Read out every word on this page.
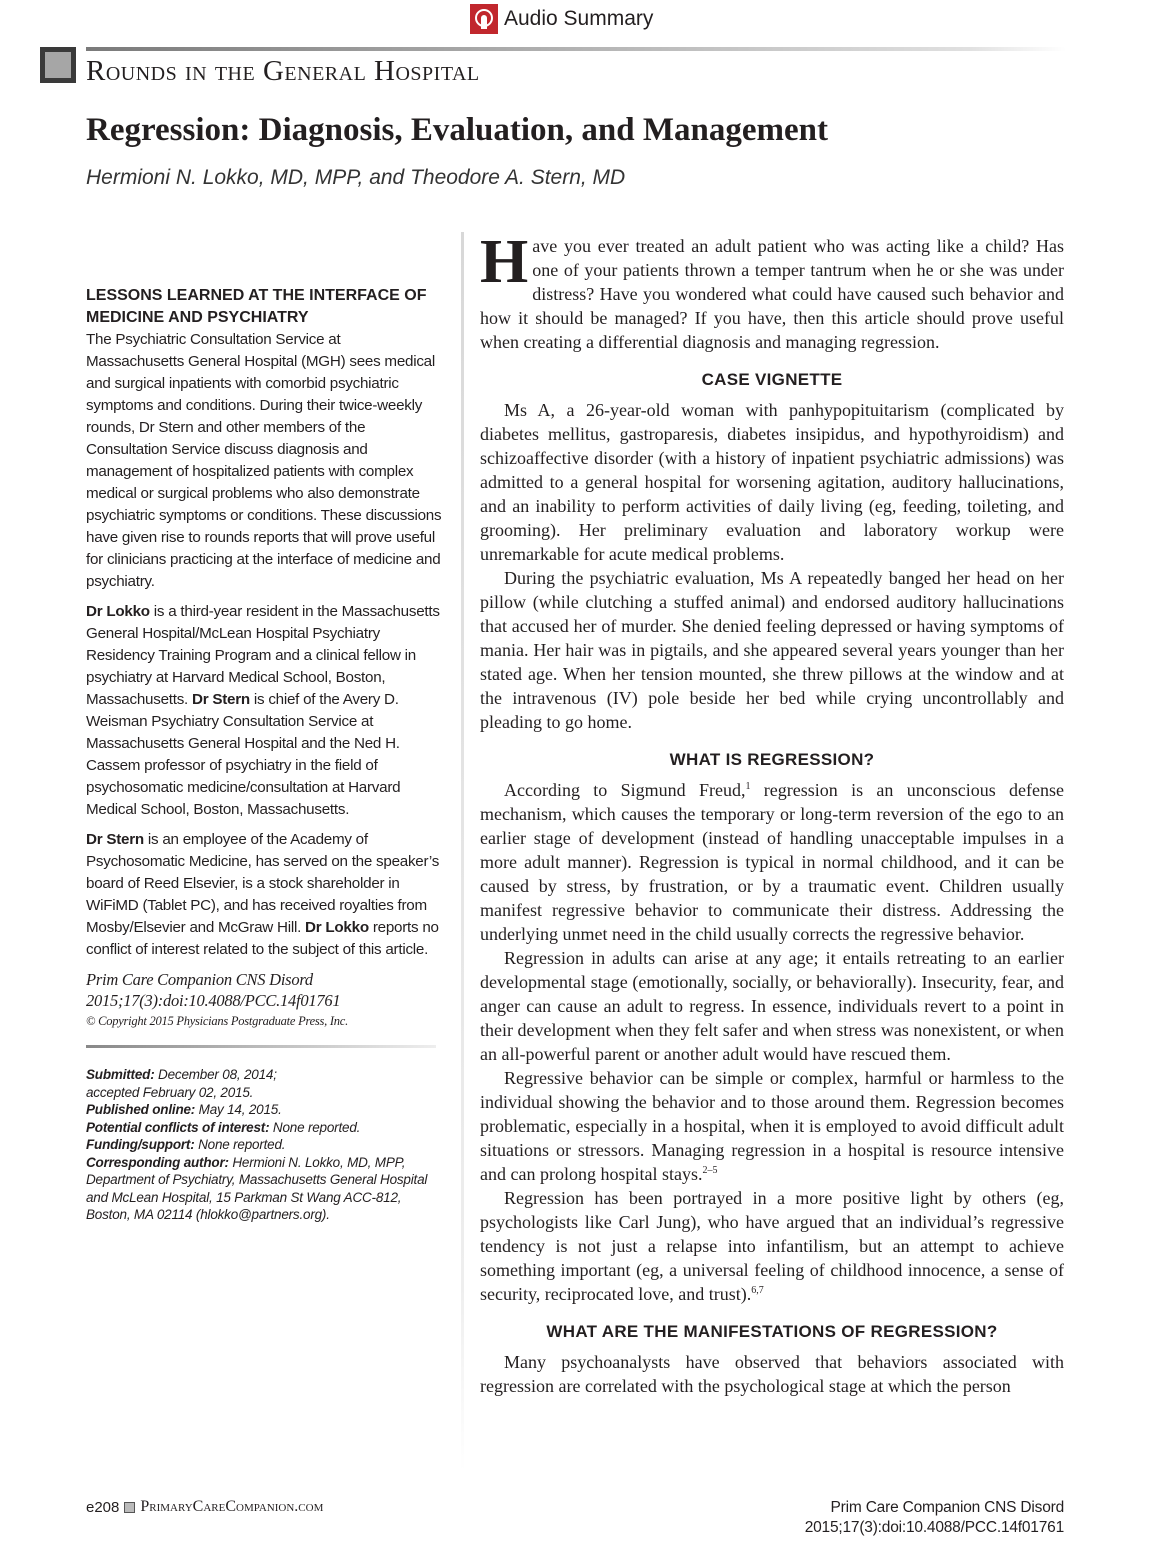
Audio Summary
Rounds in the General Hospital
Regression: Diagnosis, Evaluation, and Management
Hermioni N. Lokko, MD, MPP, and Theodore A. Stern, MD
LESSONS LEARNED AT THE INTERFACE OF MEDICINE AND PSYCHIATRY

The Psychiatric Consultation Service at Massachusetts General Hospital (MGH) sees medical and surgical inpatients with comorbid psychiatric symptoms and conditions. During their twice-weekly rounds, Dr Stern and other members of the Consultation Service discuss diagnosis and management of hospitalized patients with complex medical or surgical problems who also demonstrate psychiatric symptoms or conditions. These discussions have given rise to rounds reports that will prove useful for clinicians practicing at the interface of medicine and psychiatry.

Dr Lokko is a third-year resident in the Massachusetts General Hospital/McLean Hospital Psychiatry Residency Training Program and a clinical fellow in psychiatry at Harvard Medical School, Boston, Massachusetts. Dr Stern is chief of the Avery D. Weisman Psychiatry Consultation Service at Massachusetts General Hospital and the Ned H. Cassem professor of psychiatry in the field of psychosomatic medicine/consultation at Harvard Medical School, Boston, Massachusetts.

Dr Stern is an employee of the Academy of Psychosomatic Medicine, has served on the speaker’s board of Reed Elsevier, is a stock shareholder in WiFiMD (Tablet PC), and has received royalties from Mosby/Elsevier and McGraw Hill. Dr Lokko reports no conflict of interest related to the subject of this article.

Prim Care Companion CNS Disord
2015;17(3):doi:10.4088/PCC.14f01761
© Copyright 2015 Physicians Postgraduate Press, Inc.
Submitted: December 08, 2014;
accepted February 02, 2015.
Published online: May 14, 2015.
Potential conflicts of interest: None reported.
Funding/support: None reported.
Corresponding author: Hermioni N. Lokko, MD, MPP, Department of Psychiatry, Massachusetts General Hospital and McLean Hospital, 15 Parkman St Wang ACC-812, Boston, MA 02114 (hlokko@partners.org).

Have you ever treated an adult patient who was acting like a child? Has one of your patients thrown a temper tantrum when he or she was under distress? Have you wondered what could have caused such behavior and how it should be managed? If you have, then this article should prove useful when creating a differential diagnosis and managing regression.

CASE VIGNETTE

Ms A, a 26-year-old woman with panhypopituitarism (complicated by diabetes mellitus, gastroparesis, diabetes insipidus, and hypothyroidism) and schizoaffective disorder (with a history of inpatient psychiatric admissions) was admitted to a general hospital for worsening agitation, auditory hallucinations, and an inability to perform activities of daily living (eg, feeding, toileting, and grooming). Her preliminary evaluation and laboratory workup were unremarkable for acute medical problems.

During the psychiatric evaluation, Ms A repeatedly banged her head on her pillow (while clutching a stuffed animal) and endorsed auditory hallucinations that accused her of murder. She denied feeling depressed or having symptoms of mania. Her hair was in pigtails, and she appeared several years younger than her stated age. When her tension mounted, she threw pillows at the window and at the intravenous (IV) pole beside her bed while crying uncontrollably and pleading to go home.

WHAT IS REGRESSION?

According to Sigmund Freud,$^1$ regression is an unconscious defense mechanism, which causes the temporary or long-term reversion of the ego to an earlier stage of development (instead of handling unacceptable impulses in a more adult manner). Regression is typical in normal childhood, and it can be caused by stress, by frustration, or by a traumatic event. Children usually manifest regressive behavior to communicate their distress. Addressing the underlying unmet need in the child usually corrects the regressive behavior.

Regression in adults can arise at any age; it entails retreating to an earlier developmental stage (emotionally, socially, or behaviorally). Insecurity, fear, and anger can cause an adult to regress. In essence, individuals revert to a point in their development when they felt safer and when stress was nonexistent, or when an all-powerful parent or another adult would have rescued them.

Regressive behavior can be simple or complex, harmful or harmless to the individual showing the behavior and to those around them. Regression becomes problematic, especially in a hospital, when it is employed to avoid difficult adult situations or stressors. Managing regression in a hospital is resource intensive and can prolong hospital stays.$^{2-5}$

Regression has been portrayed in a more positive light by others (eg, psychologists like Carl Jung), who have argued that an individual’s regressive tendency is not just a relapse into infantilism, but an attempt to achieve something important (eg, a universal feeling of childhood innocence, a sense of security, reciprocated love, and trust).$^{6,7}$

WHAT ARE THE MANIFESTATIONS OF REGRESSION?

Many psychoanalysts have observed that behaviors associated with regression are correlated with the psychological stage at which the person

e208 PrimaryCareCompanion.com	Prim Care Companion CNS Disord
2015;17(3):doi:10.4088/PCC.14f01761
